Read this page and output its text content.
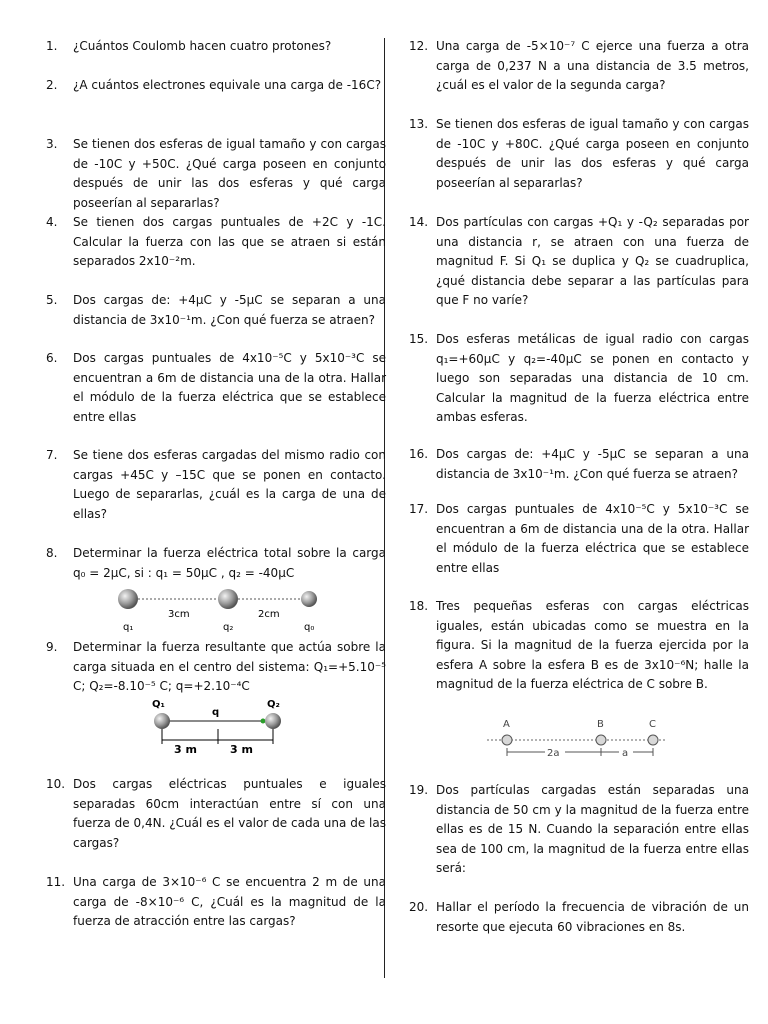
1.	¿Cuántos Coulomb hacen cuatro protones?
2.	¿A cuántos electrones equivale una carga de -16C?
3.	Se tienen dos esferas de igual tamaño y con cargas de -10C y +50C. ¿Qué carga poseen en conjunto después de unir las dos esferas y qué carga poseerían al separarlas?
4.	Se tienen dos cargas puntuales de +2C y -1C. Calcular la fuerza con las que se atraen si están separados 2x10⁻²m.
5.	Dos cargas de: +4μC y -5μC se separan a una distancia de 3x10⁻¹m. ¿Con qué fuerza se atraen?
6.	Dos cargas puntuales de 4x10⁻⁵C y 5x10⁻³C se encuentran a 6m de distancia una de la otra. Hallar el módulo de la fuerza eléctrica que se establece entre ellas
7.	Se tiene dos esferas cargadas del mismo radio con cargas +45C y –15C que se ponen en contacto. Luego de separarlas, ¿cuál es la carga de una de ellas?
8.	Determinar la fuerza eléctrica total sobre la carga q₀ = 2μC, si : q₁ = 50μC , q₂ = -40μC
3cm	2cm
q₁	q₂	q₀
9.	Determinar la fuerza resultante que actúa sobre la carga situada en el centro del sistema: Q₁=+5.10⁻⁵ C; Q₂=-8.10⁻⁵ C; q=+2.10⁻⁴C
Q₁
q
Q₂
3 m	3 m
10. Dos cargas eléctricas puntuales e iguales separadas 60cm interactúan entre sí con una fuerza de 0,4N. ¿Cuál es el valor de cada una de las cargas?
11. Una carga de 3×10⁻⁶ C se encuentra 2 m de una carga de -8×10⁻⁶ C, ¿Cuál es la magnitud de la fuerza de atracción entre las cargas?
12. Una carga de -5×10⁻⁷ C ejerce una fuerza a otra carga de 0,237 N a una distancia de 3.5 metros, ¿cuál es el valor de la segunda carga?
13. Se tienen dos esferas de igual tamaño y con cargas de -10C y +80C. ¿Qué carga poseen en conjunto después de unir las dos esferas y qué carga poseerían al separarlas?
14. Dos partículas con cargas +Q₁ y -Q₂ separadas por una distancia r, se atraen con una fuerza de magnitud F. Si Q₁ se duplica y Q₂ se cuadruplica, ¿qué distancia debe separar a las partículas para que F no varíe?
15. Dos esferas metálicas de igual radio con cargas q₁=+60μC y q₂=-40μC se ponen en contacto y luego son separadas una distancia de 10 cm. Calcular la magnitud de la fuerza eléctrica entre ambas esferas.
16. Dos cargas de: +4μC y -5μC se separan a una distancia de 3x10⁻¹m. ¿Con qué fuerza se atraen?
17. Dos cargas puntuales de 4x10⁻⁵C y 5x10⁻³C se encuentran a 6m de distancia una de la otra. Hallar el módulo de la fuerza eléctrica que se establece entre ellas
18. Tres pequeñas esferas con cargas eléctricas iguales, están ubicadas como se muestra en la figura. Si la magnitud de la fuerza ejercida por la esfera A sobre la esfera B es de 3x10⁻⁶N; halle la magnitud de la fuerza eléctrica de C sobre B.
A	B	C
2a	a
19. Dos partículas cargadas están separadas una distancia de 50 cm y la magnitud de la fuerza entre ellas es de 15 N. Cuando la separación entre ellas sea de 100 cm, la magnitud de la fuerza entre ellas será:
20. Hallar el período la frecuencia de vibración de un resorte que ejecuta 60 vibraciones en 8s.
